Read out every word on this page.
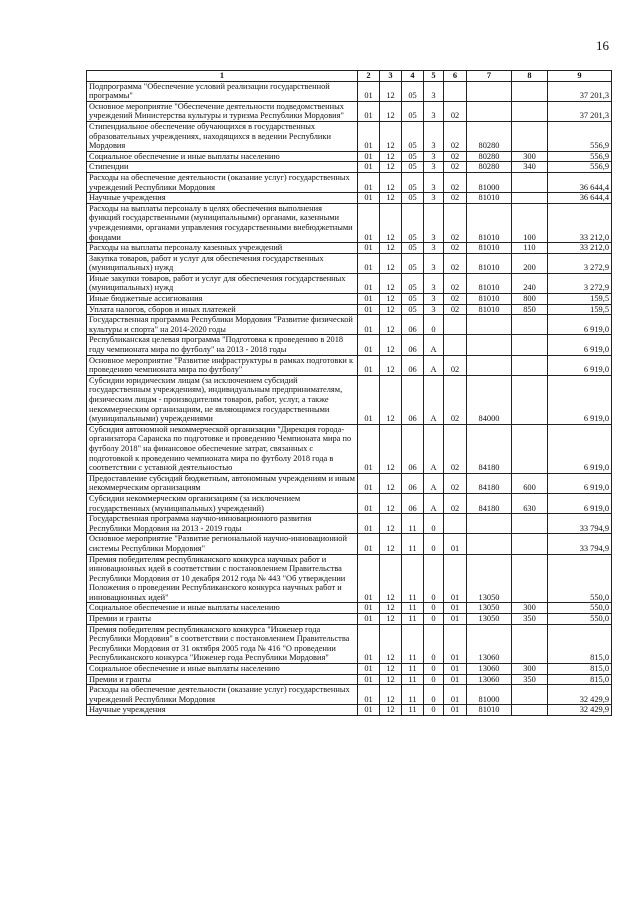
16
1	2	3	4	5	6	7	8	9
Подпрограмма "Обеспечение условий реализации государственной программы"	01	12	05	3				37 201,3
Основное мероприятие "Обеспечение деятельности подведомственных учреждений Министерства культуры и туризма Республики Мордовия"	01	12	05	3	02			37 201,3
Стипендиальное обеспечение обучающихся в государственных образовательных учреждениях, находящихся в ведении Республики Мордовия	01	12	05	3	02	80280		556,9
Социальное обеспечение и иные выплаты населению	01	12	05	3	02	80280	300	556,9
Стипендии	01	12	05	3	02	80280	340	556,9
Расходы на обеспечение деятельности (оказание услуг) государственных учреждений Республики Мордовия	01	12	05	3	02	81000		36 644,4
Научные учреждения	01	12	05	3	02	81010		36 644,4
Расходы на выплаты персоналу в целях обеспечения выполнения функций государственными (муниципальными) органами, казенными учреждениями, органами управления государственными внебюджетными фондами	01	12	05	3	02	81010	100	33 212,0
Расходы на выплаты персоналу казенных учреждений	01	12	05	3	02	81010	110	33 212,0
Закупка товаров, работ и услуг для обеспечения государственных (муниципальных) нужд	01	12	05	3	02	81010	200	3 272,9
Иные закупки товаров, работ и услуг для обеспечения государственных (муниципальных) нужд	01	12	05	3	02	81010	240	3 272,9
Иные бюджетные ассигнования	01	12	05	3	02	81010	800	159,5
Уплата налогов, сборов и иных платежей	01	12	05	3	02	81010	850	159,5
Государственная программа Республики Мордовия "Развитие физической культуры и спорта" на 2014-2020 годы	01	12	06	0				6 919,0
Республиканская целевая программа "Подготовка к проведению в 2018 году чемпионата мира по футболу" на 2013 - 2018 годы	01	12	06	А				6 919,0
Основное мероприятие "Развитие инфраструктуры в рамках подготовки к проведению чемпионата мира по футболу"	01	12	06	А	02			6 919,0
Субсидии юридическим лицам (за исключением субсидий государственным учреждениям), индивидуальным предпринимателям, физическим лицам - производителям товаров, работ, услуг, а также некоммерческим организациям, не являющимся государственными (муниципальными) учреждениями	01	12	06	А	02	84000		6 919,0
Субсидия автономной некоммерческой организации "Дирекция города-организатора Саранска по подготовке и проведению Чемпионата мира по футболу 2018" на финансовое обеспечение затрат, связанных с подготовкой к проведению чемпионата мира по футболу 2018 года в соответствии с уставной деятельностью	01	12	06	А	02	84180		6 919,0
Предоставление субсидий бюджетным, автономным учреждениям и иным некоммерческим организациям	01	12	06	А	02	84180	600	6 919,0
Субсидии некоммерческим организациям (за исключением государственных (муниципальных) учреждений)	01	12	06	А	02	84180	630	6 919,0
Государственная программа научно-инновационного развития Республики Мордовия на 2013 - 2019 годы	01	12	11	0				33 794,9
Основное мероприятие "Развитие региональной научно-инновационной системы Республики Мордовия"	01	12	11	0	01			33 794,9
Премия победителям республиканского конкурса научных работ и инновационных идей в соответствии с постановлением Правительства Республики Мордовия от 10 декабря 2012 года № 443 "Об утверждении Положения о проведении Республиканского конкурса научных работ и инновационных идей"	01	12	11	0	01	13050		550,0
Социальное обеспечение и иные выплаты населению	01	12	11	0	01	13050	300	550,0
Премии и гранты	01	12	11	0	01	13050	350	550,0
Премия победителям республиканского конкурса "Инженер года Республики Мордовия" в соответствии с постановлением Правительства Республики Мордовия от 31 октября 2005 года № 416 "О проведении Республиканского конкурса "Инженер года Республики Мордовия"	01	12	11	0	01	13060		815,0
Социальное обеспечение и иные выплаты населению	01	12	11	0	01	13060	300	815,0
Премии и гранты	01	12	11	0	01	13060	350	815,0
Расходы на обеспечение деятельности (оказание услуг) государственных учреждений Республики Мордовия	01	12	11	0	01	81000		32 429,9
Научные учреждения	01	12	11	0	01	81010		32 429,9
